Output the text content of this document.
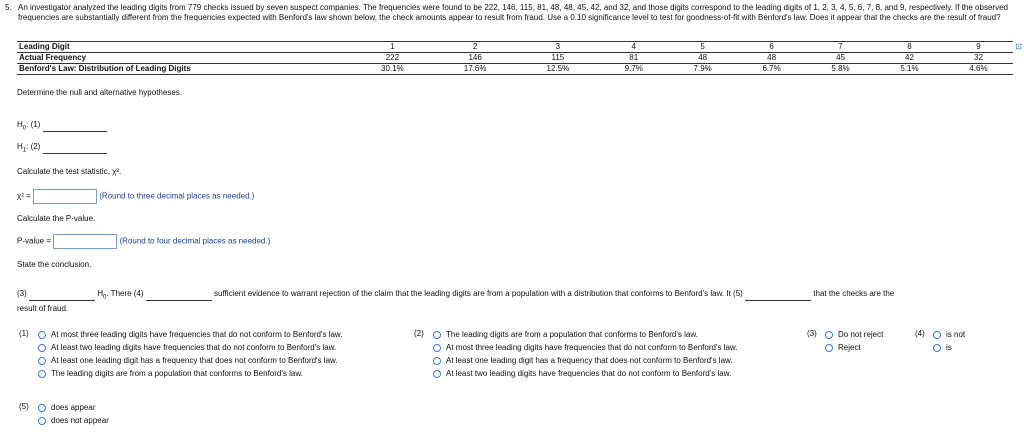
5. An investigator analyzed the leading digits from 779 checks issued by seven suspect companies. The frequencies were found to be 222, 146, 115, 81, 48, 48, 45, 42, and 32, and those digits correspond to the leading digits of 1, 2, 3, 4, 5, 6, 7, 8, and 9, respectively. If the observed frequencies are substantially different from the frequencies expected with Benford's law shown below, the check amounts appear to result from fraud. Use a 0.10 significance level to test for goodness-of-fit with Benford's law. Does it appear that the checks are the result of fraud?
⊡
Leading Digit	1	2	3	4	5	6	7	8	9
Actual Frequency	222	146	115	81	48	48	45	42	32
Benford's Law: Distribution of Leading Digits	30.1%	17.6%	12.5%	9.7%	7.9%	6.7%	5.8%	5.1%	4.6%
Determine the null and alternative hypotheses.
$H_0$: (1)
$H_1$: (2)
Calculate the test statistic, χ².
χ² =	(Round to three decimal places as needed.)
Calculate the P-value.
P-value =	(Round to four decimal places as needed.)
State the conclusion.
(3)	$H_0$. There (4)	sufficient evidence to warrant rejection of the claim that the leading digits are from a population with a distribution that conforms to Benford's law. It (5)	that the checks are the
result of fraud.
(1)	At most three leading digits have frequencies that do not conform to Benford's law.
At least two leading digits have frequencies that do not conform to Benford's law.
At least one leading digit has a frequency that does not conform to Benford's law.
The leading digits are from a population that conforms to Benford's law.
(2)	The leading digits are from a population that conforms to Benford's law.
At most three leading digits have frequencies that do not conform to Benford's law.
At least one leading digit has a frequency that does not conform to Benford's law.
At least two leading digits have frequencies that do not conform to Benford's law.
(3)	Do not reject
Reject
(4)	is not
is
(5)	does appear
does not appear
